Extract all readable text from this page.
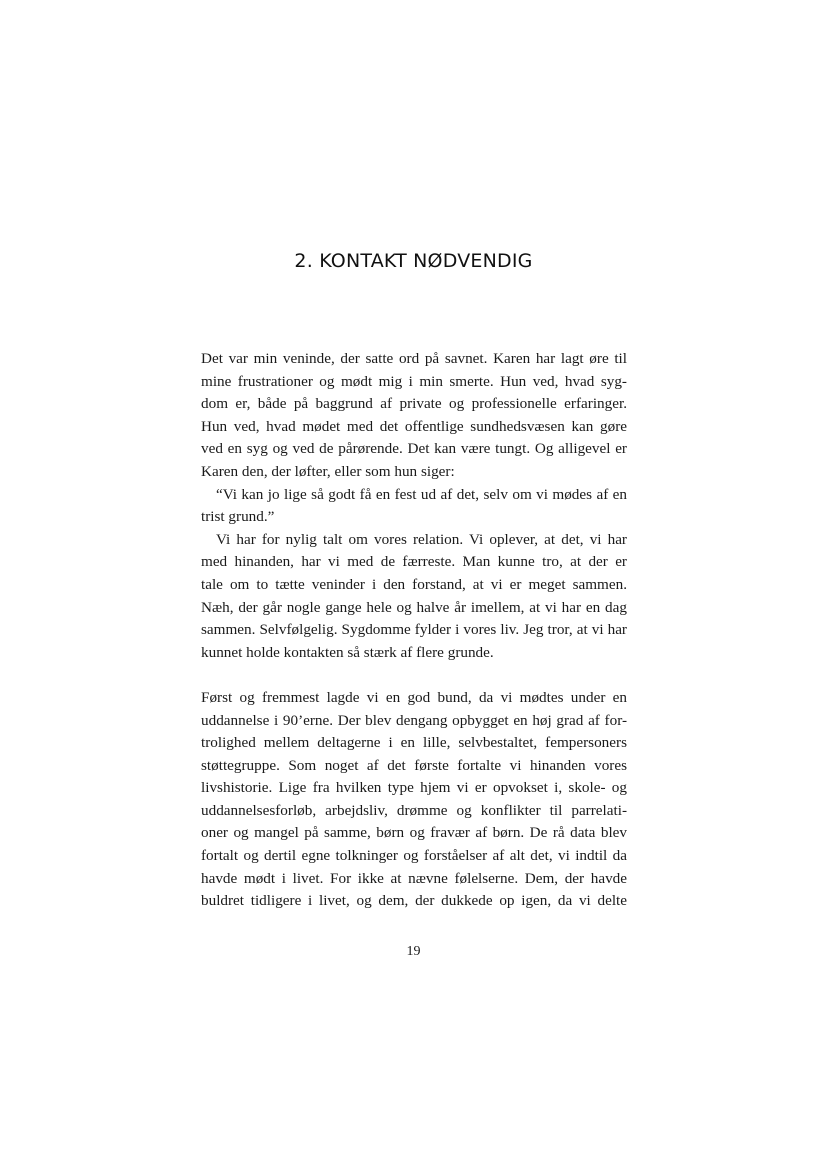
2. KONTAKT NØDVENDIG

Det var min veninde, der satte ord på savnet. Karen har lagt øre til
mine frustrationer og mødt mig i min smerte. Hun ved, hvad syg-
dom er, både på baggrund af private og professionelle erfaringer.
Hun ved, hvad mødet med det offentlige sundhedsvæsen kan gøre
ved en syg og ved de pårørende. Det kan være tungt. Og alligevel er
Karen den, der løfter, eller som hun siger:
“Vi kan jo lige så godt få en fest ud af det, selv om vi mødes af en
trist grund.”
Vi har for nylig talt om vores relation. Vi oplever, at det, vi har
med hinanden, har vi med de færreste. Man kunne tro, at der er
tale om to tætte veninder i den forstand, at vi er meget sammen.
Næh, der går nogle gange hele og halve år imellem, at vi har en dag
sammen. Selvfølgelig. Sygdomme fylder i vores liv. Jeg tror, at vi har
kunnet holde kontakten så stærk af flere grunde.

Først og fremmest lagde vi en god bund, da vi mødtes under en
uddannelse i 90’erne. Der blev dengang opbygget en høj grad af for-
trolighed mellem deltagerne i en lille, selvbestaltet, fempersoners
støttegruppe. Som noget af det første fortalte vi hinanden vores
livshistorie. Lige fra hvilken type hjem vi er opvokset i, skole- og
uddannelsesforløb, arbejdsliv, drømme og konflikter til parrelati-
oner og mangel på samme, børn og fravær af børn. De rå data blev
fortalt og dertil egne tolkninger og forståelser af alt det, vi indtil da
havde mødt i livet. For ikke at nævne følelserne. Dem, der havde
buldret tidligere i livet, og dem, der dukkede op igen, da vi delte

19
